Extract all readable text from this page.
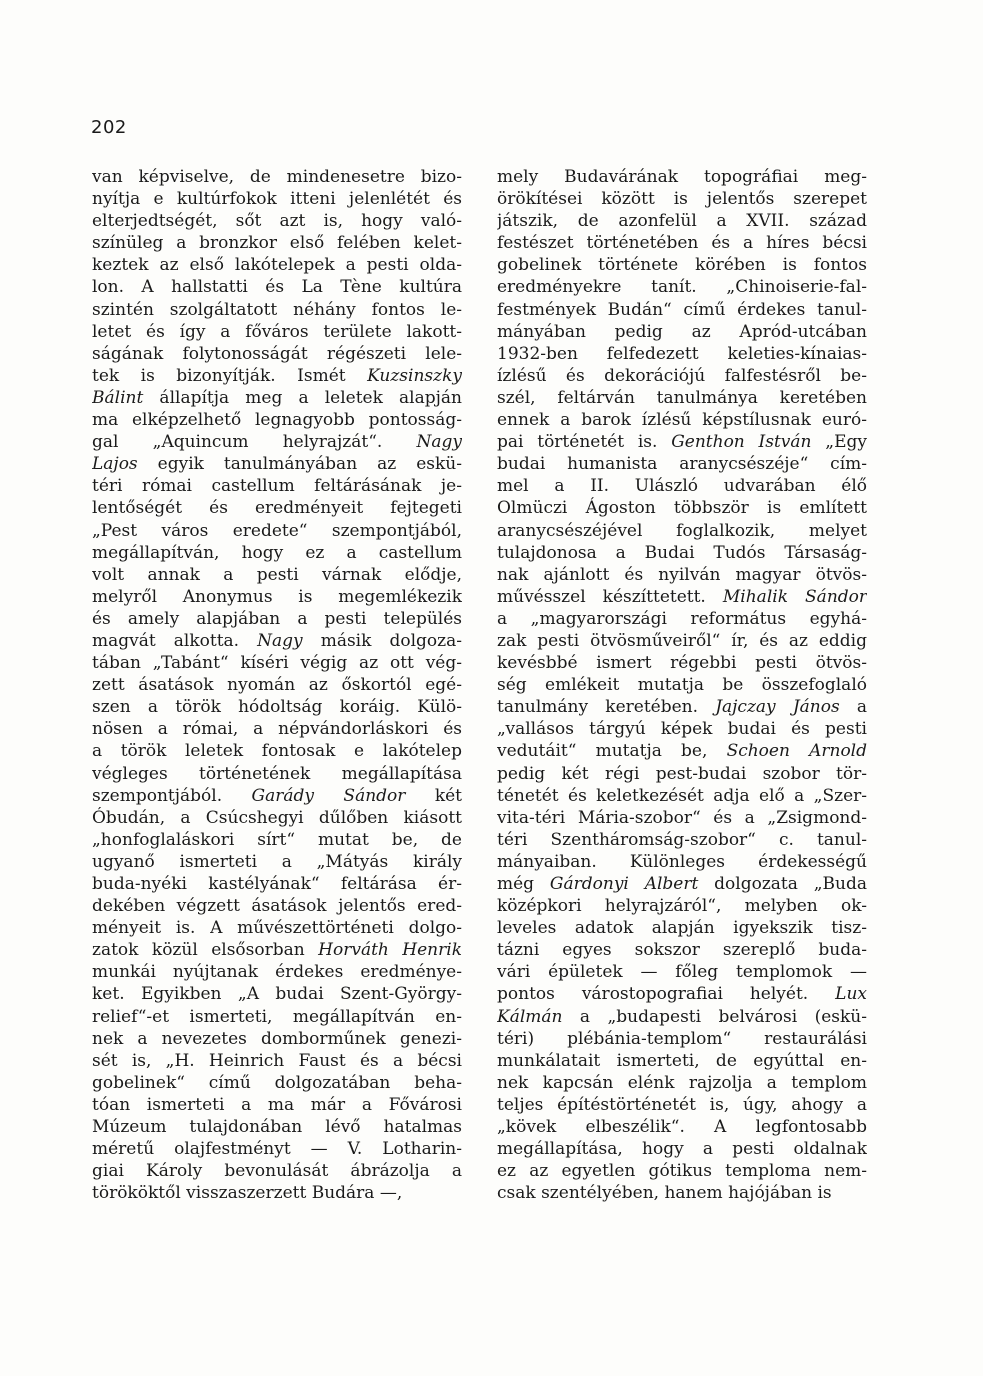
202

van képviselve, de mindenesetre bizo-
nyítja e kultúrfokok itteni jelenlétét és
elterjedtségét, sőt azt is, hogy való-
színüleg a bronzkor első felében kelet-
keztek az első lakótelepek a pesti olda-
lon. A hallstatti és La Tène kultúra
szintén szolgáltatott néhány fontos le-
letet és így a főváros területe lakott-
ságának folytonosságát régészeti lele-
tek is bizonyítják. Ismét Kuzsinszky
Bálint állapítja meg a leletek alapján
ma elképzelhető legnagyobb pontosság-
gal „Aquincum helyrajzát“. Nagy
Lajos egyik tanulmányában az eskü-
téri római castellum feltárásának je-
lentőségét és eredményeit fejtegeti
„Pest város eredete“ szempontjából,
megállapítván, hogy ez a castellum
volt annak a pesti várnak elődje,
melyről Anonymus is megemlékezik
és amely alapjában a pesti település
magvát alkotta. Nagy másik dolgoza-
tában „Tabánt“ kíséri végig az ott vég-
zett ásatások nyomán az őskortól egé-
szen a török hódoltság koráig. Külö-
nösen a római, a népvándorláskori és
a török leletek fontosak e lakótelep
végleges történetének megállapítása
szempontjából. Garády Sándor két
Óbudán, a Csúcshegyi dűlőben kiásott
„honfoglaláskori sírt“ mutat be, de
ugyanő ismerteti a „Mátyás király
buda-nyéki kastélyának“ feltárása ér-
dekében végzett ásatások jelentős ered-
ményeit is. A művészettörténeti dolgo-
zatok közül elsősorban Horváth Henrik
munkái nyújtanak érdekes eredménye-
ket. Egyikben „A budai Szent-György-
relief“-et ismerteti, megállapítván en-
nek a nevezetes domborműnek genezi-
sét is, „H. Heinrich Faust és a bécsi
gobelinek“ című dolgozatában beha-
tóan ismerteti a ma már a Fővárosi
Múzeum tulajdonában lévő hatalmas
méretű olajfestményt — V. Lotharin-
giai Károly bevonulását ábrázolja a
törököktől visszaszerzett Budára —,
mely Budavárának topográfiai meg-
örökítései között is jelentős szerepet
játszik, de azonfelül a XVII. század
festészet történetében és a híres bécsi
gobelinek története körében is fontos
eredményekre tanít. „Chinoiserie-fal-
festmények Budán“ című érdekes tanul-
mányában pedig az Apród-utcában
1932-ben felfedezett keleties-kínaias-
ízlésű és dekorációjú falfestésről be-
szél, feltárván tanulmánya keretében
ennek a barok ízlésű képstílusnak euró-
pai történetét is. Genthon István „Egy
budai humanista aranycsészéje“ cím-
mel a II. Ulászló udvarában élő
Olmüczi Ágoston többször is említett
aranycsészéjével foglalkozik, melyet
tulajdonosa a Budai Tudós Társaság-
nak ajánlott és nyilván magyar ötvös-
művésszel készíttetett. Mihalik Sándor
a „magyarországi református egyhá-
zak pesti ötvösműveiről“ ír, és az eddig
kevésbbé ismert régebbi pesti ötvös-
ség emlékeit mutatja be összefoglaló
tanulmány keretében. Jajczay János a
„vallásos tárgyú képek budai és pesti
vedutáit“ mutatja be, Schoen Arnold
pedig két régi pest-budai szobor tör-
ténetét és keletkezését adja elő a „Szer-
vita-téri Mária-szobor“ és a „Zsigmond-
téri Szentháromság-szobor“ c. tanul-
mányaiban. Különleges érdekességű
még Gárdonyi Albert dolgozata „Buda
középkori helyrajzáról“, melyben ok-
leveles adatok alapján igyekszik tisz-
tázni egyes sokszor szereplő buda-
vári épületek — főleg templomok —
pontos várostopografiai helyét. Lux
Kálmán a „budapesti belvárosi (eskü-
téri) plébánia-templom“ restaurálási
munkálatait ismerteti, de egyúttal en-
nek kapcsán elénk rajzolja a templom
teljes építéstörténetét is, úgy, ahogy a
„kövek elbeszélik“. A legfontosabb
megállapítása, hogy a pesti oldalnak
ez az egyetlen gótikus temploma nem-
csak szentélyében, hanem hajójában is
